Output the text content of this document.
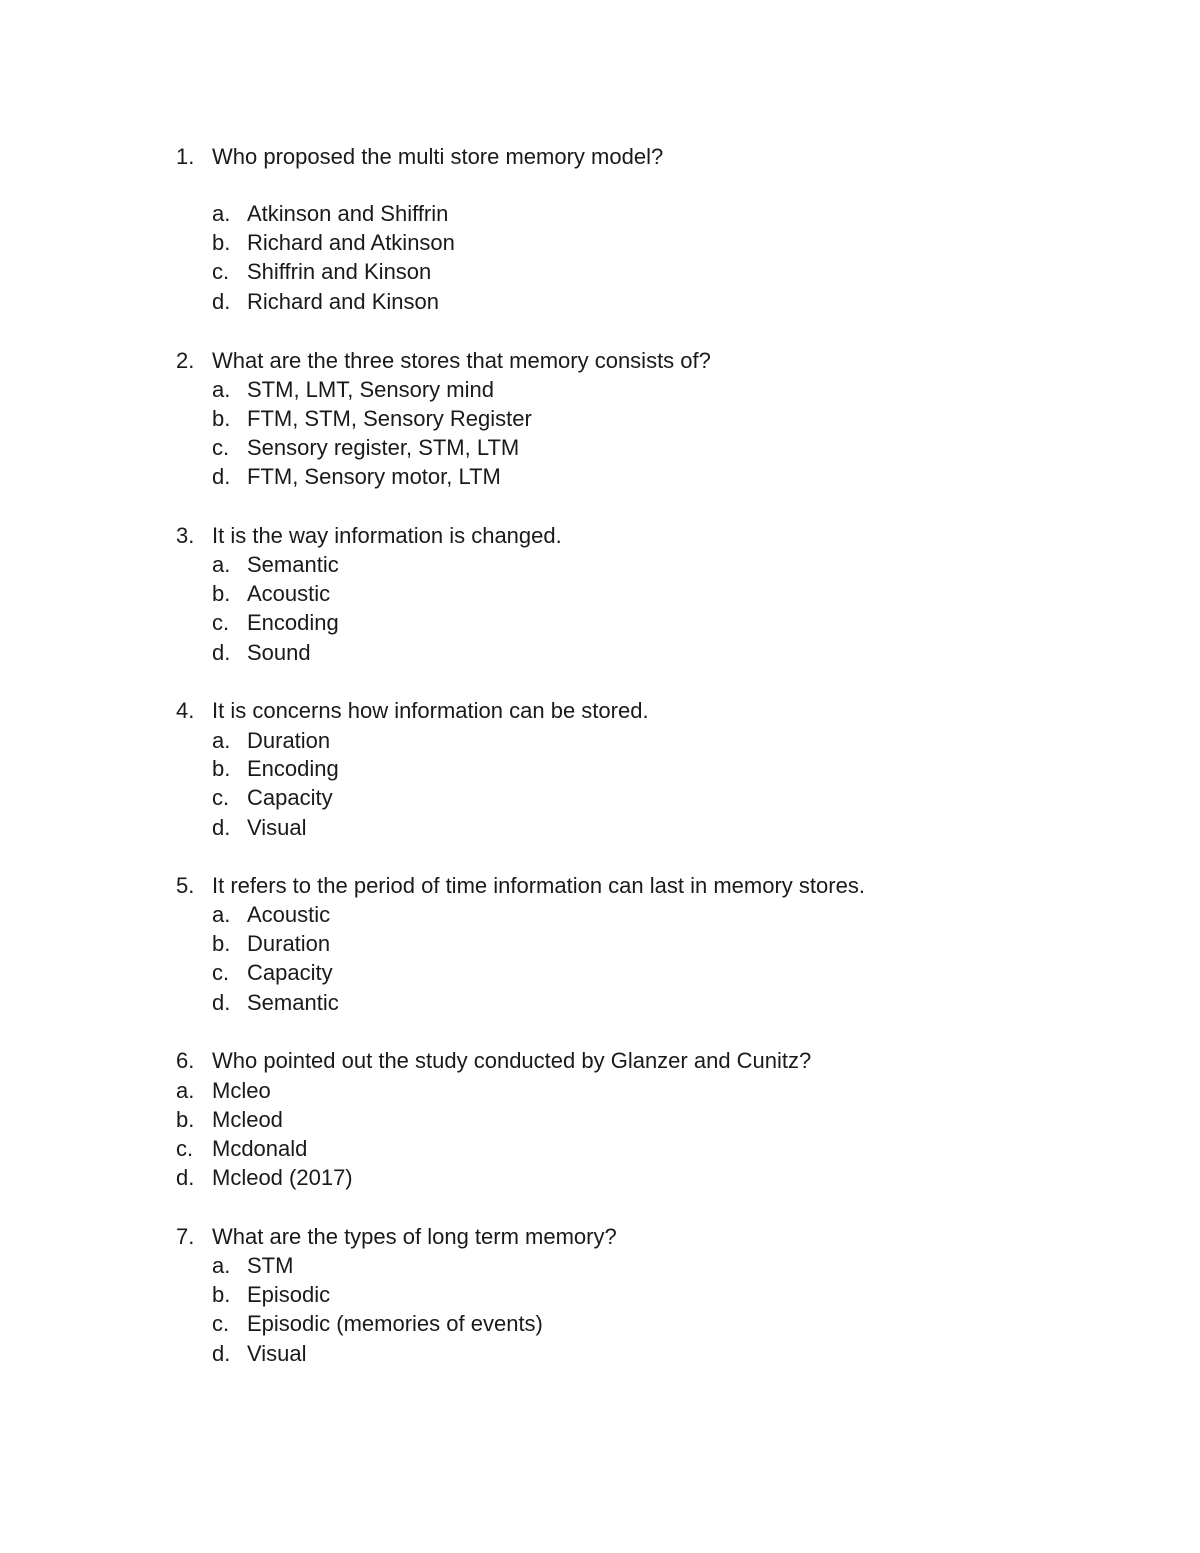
1. Who proposed the multi store memory model?
a. Atkinson and Shiffrin
b. Richard and Atkinson
c. Shiffrin and Kinson
d. Richard and Kinson
2. What are the three stores that memory consists of?
a. STM, LMT, Sensory mind
b. FTM, STM, Sensory Register
c. Sensory register, STM, LTM
d. FTM, Sensory motor, LTM
3. It is the way information is changed.
a. Semantic
b. Acoustic
c. Encoding
d. Sound
4. It is concerns how information can be stored.
a. Duration
b. Encoding
c. Capacity
d. Visual
5. It refers to the period of time information can last in memory stores.
a. Acoustic
b. Duration
c. Capacity
d. Semantic
6. Who pointed out the study conducted by Glanzer and Cunitz?
a. Mcleo
b. Mcleod
c. Mcdonald
d. Mcleod (2017)
7. What are the types of long term memory?
a. STM
b. Episodic
c. Episodic (memories of events)
d. Visual
